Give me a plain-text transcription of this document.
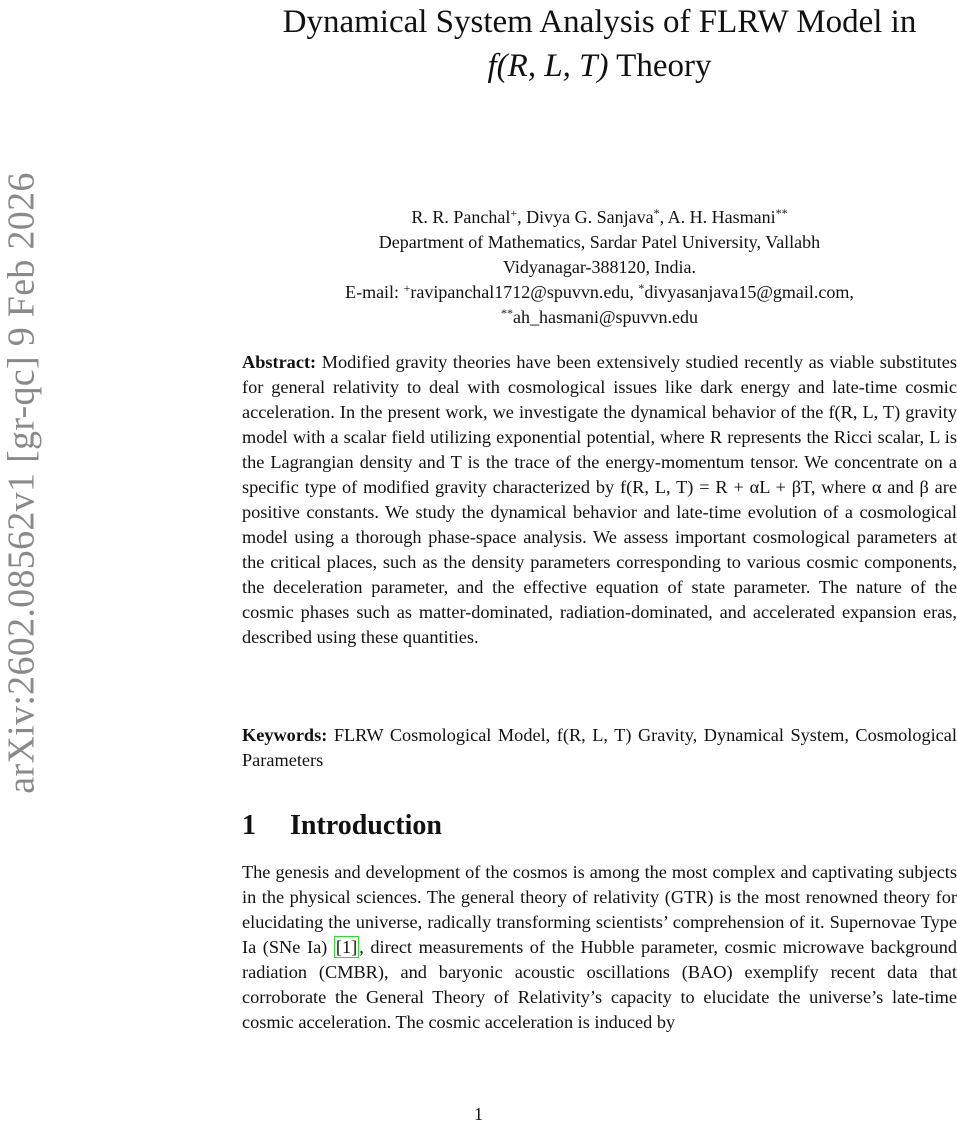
arXiv:2602.08562v1 [gr-qc] 9 Feb 2026
Dynamical System Analysis of FLRW Model in
f(R, L, T) Theory
R. R. Panchal+, Divya G. Sanjava*, A. H. Hasmani**
Department of Mathematics, Sardar Patel University, Vallabh
Vidyanagar-388120, India.
E-mail: +ravipanchal1712@spuvvn.edu, *divyasanjava15@gmail.com,
**ah_hasmani@spuvvn.edu
Abstract: Modified gravity theories have been extensively studied recently as viable substitutes for general relativity to deal with cosmological issues like dark energy and late-time cosmic acceleration. In the present work, we investigate the dynamical behavior of the f(R, L, T) gravity model with a scalar field utilizing exponential potential, where R represents the Ricci scalar, L is the Lagrangian density and T is the trace of the energy-momentum tensor. We concentrate on a specific type of modified gravity characterized by f(R, L, T) = R + αL + βT, where α and β are positive constants. We study the dynamical behavior and late-time evolution of a cosmological model using a thorough phase-space analysis. We assess important cosmological parameters at the critical places, such as the density parameters corresponding to various cosmic components, the deceleration parameter, and the effective equation of state parameter. The nature of the cosmic phases such as matter-dominated, radiation-dominated, and accelerated expansion eras, described using these quantities.
Keywords: FLRW Cosmological Model, f(R, L, T) Gravity, Dynamical System, Cosmological Parameters
1 Introduction
The genesis and development of the cosmos is among the most complex and captivating subjects in the physical sciences. The general theory of relativity (GTR) is the most renowned theory for elucidating the universe, radically transforming scientists’ comprehension of it. Supernovae Type Ia (SNe Ia) [1] , direct measurements of the Hubble parameter, cosmic microwave background radiation (CMBR), and baryonic acoustic oscillations (BAO) exemplify recent data that corroborate the General Theory of Relativity’s capacity to elucidate the universe’s late-time cosmic acceleration. The cosmic acceleration is induced by
1
